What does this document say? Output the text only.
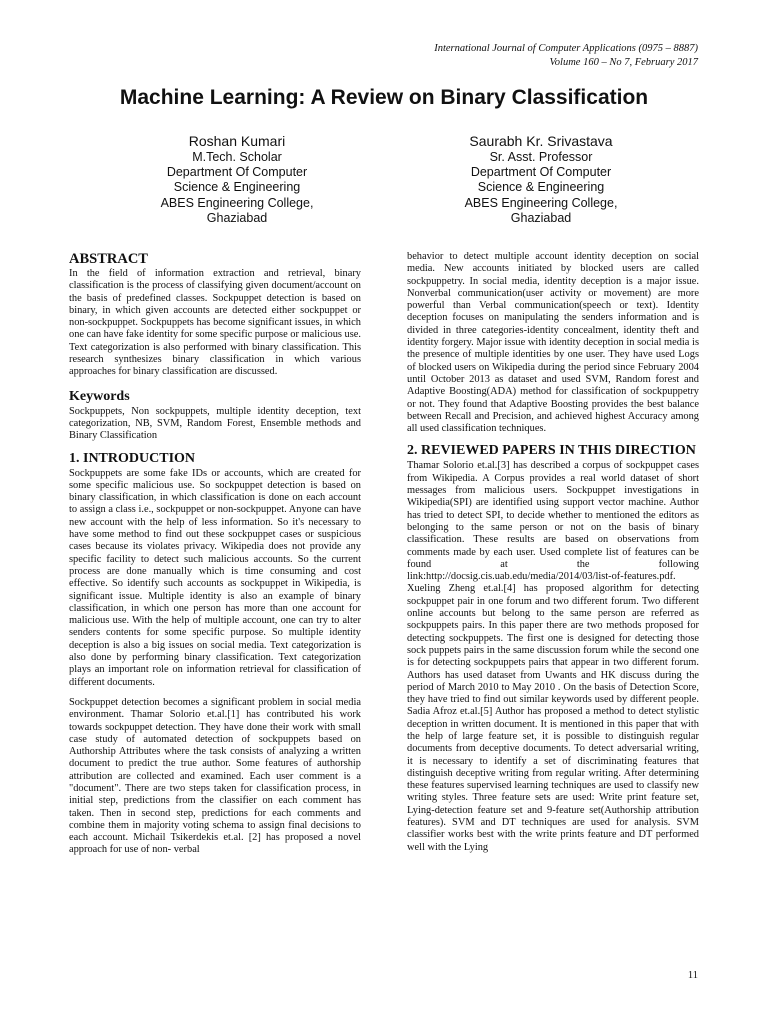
International Journal of Computer Applications (0975 – 8887)
Volume 160 – No 7, February 2017
Machine Learning: A Review on Binary Classification
Roshan Kumari
M.Tech. Scholar
Department Of Computer
Science & Engineering
ABES Engineering College,
Ghaziabad
Saurabh Kr. Srivastava
Sr. Asst. Professor
Department Of Computer
Science & Engineering
ABES Engineering College,
Ghaziabad
ABSTRACT

In the field of information extraction and retrieval, binary classification is the process of classifying given document/account on the basis of predefined classes. Sockpuppet detection is based on binary, in which given accounts are detected either sockpuppet or non-sockpuppet. Sockpuppets has become significant issues, in which one can have fake identity for some specific purpose or malicious use. Text categorization is also performed with binary classification. This research synthesizes binary classification in which various approaches for binary classification are discussed.

Keywords

Sockpuppets, Non sockpuppets, multiple identity deception, text categorization, NB, SVM, Random Forest, Ensemble methods and Binary Classification

1. INTRODUCTION

Sockpuppets are some fake IDs or accounts, which are created for some specific malicious use. So sockpuppet detection is based on binary classification, in which classification is done on each account to assign a class i.e., sockpuppet or non-sockpuppet. Anyone can have new account with the help of less information. So it's necessary to have some method to find out these sockpuppet cases or suspicious cases because its violates privacy. Wikipedia does not provide any specific facility to detect such malicious accounts. So the current process are done manually which is time consuming and cost effective. So identify such accounts as sockpuppet in Wikipedia, is significant issue. Multiple identity is also an example of binary classification, in which one person has more than one account for malicious use. With the help of multiple account, one can try to alter senders contents for some specific purpose. So multiple identity deception is also a big issues on social media. Text categorization is also done by performing binary classification. Text categorization plays an important role on information retrieval for classification of different documents.

Sockpuppet detection becomes a significant problem in social media environment. Thamar Solorio et.al.[1] has contributed his work towards sockpuppet detection. They have done their work with small case study of automated detection of sockpuppets based on Authorship Attributes where the task consists of analyzing a written document to predict the true author. Some features of authorship attribution are collected and examined. Each user comment is a "document". There are two steps taken for classification process, in initial step, predictions from the classifier on each comment has taken. Then in second step, predictions for each comments and combine them in majority voting schema to assign final decisions to each account. Michail Tsikerdekis et.al. [2] has proposed a novel approach for use of non- verbal

behavior to detect multiple account identity deception on social media. New accounts initiated by blocked users are called sockpuppetry. In social media, identity deception is a major issue. Nonverbal communication(user activity or movement) are more powerful than Verbal communication(speech or text). Identity deception focuses on manipulating the senders information and is divided in three categories-identity concealment, identity theft and identity forgery. Major issue with identity deception in social media is the presence of multiple identities by one user. They have used Logs of blocked users on Wikipedia during the period since February 2004 until October 2013 as dataset and used SVM, Random forest and Adaptive Boosting(ADA) method for classification of sockpuppetry or not. They found that Adaptive Boosting provides the best balance between Recall and Precision, and achieved highest Accuracy among all used classification techniques.

2. REVIEWED PAPERS IN THIS DIRECTION

Thamar Solorio et.al.[3] has described a corpus of sockpuppet cases from Wikipedia. A Corpus provides a real world dataset of short messages from malicious users. Sockpuppet investigations in Wikipedia(SPI) are identified using support vector machine. Author has tried to detect SPI, to decide whether to mentioned the editors as belonging to the same person or not on the basis of binary classification. These results are based on observations from comments made by each user. Used complete list of features can be found at the following link:http://docsig.cis.uab.edu/media/2014/03/list-of-features.pdf. Xueling Zheng et.al.[4] has proposed algorithm for detecting sockpuppet pair in one forum and two different forum. Two different online accounts but belong to the same person are referred as sockpuppets pairs. In this paper there are two methods proposed for detecting sockpuppets. The first one is designed for detecting those sock puppets pairs in the same discussion forum while the second one is for detecting sockpuppets pairs that appear in two different forum. Authors has used dataset from Uwants and HK discuss during the period of March 2010 to May 2010 . On the basis of Detection Score, they have tried to find out similar keywords used by different people. Sadia Afroz et.al.[5] Author has proposed a method to detect stylistic deception in written document. It is mentioned in this paper that with the help of large feature set, it is possible to distinguish regular documents from deceptive documents. To detect adversarial writing, it is necessary to identify a set of discriminating features that distinguish deceptive writing from regular writing. After determining these features supervised learning techniques are used to classify new writing styles. Three feature sets are used: Write print feature set, Lying-detection feature set and 9-feature set(Authorship attribution features). SVM and DT techniques are used for analysis. SVM classifier works best with the write prints feature and DT performed well with the Lying

11
